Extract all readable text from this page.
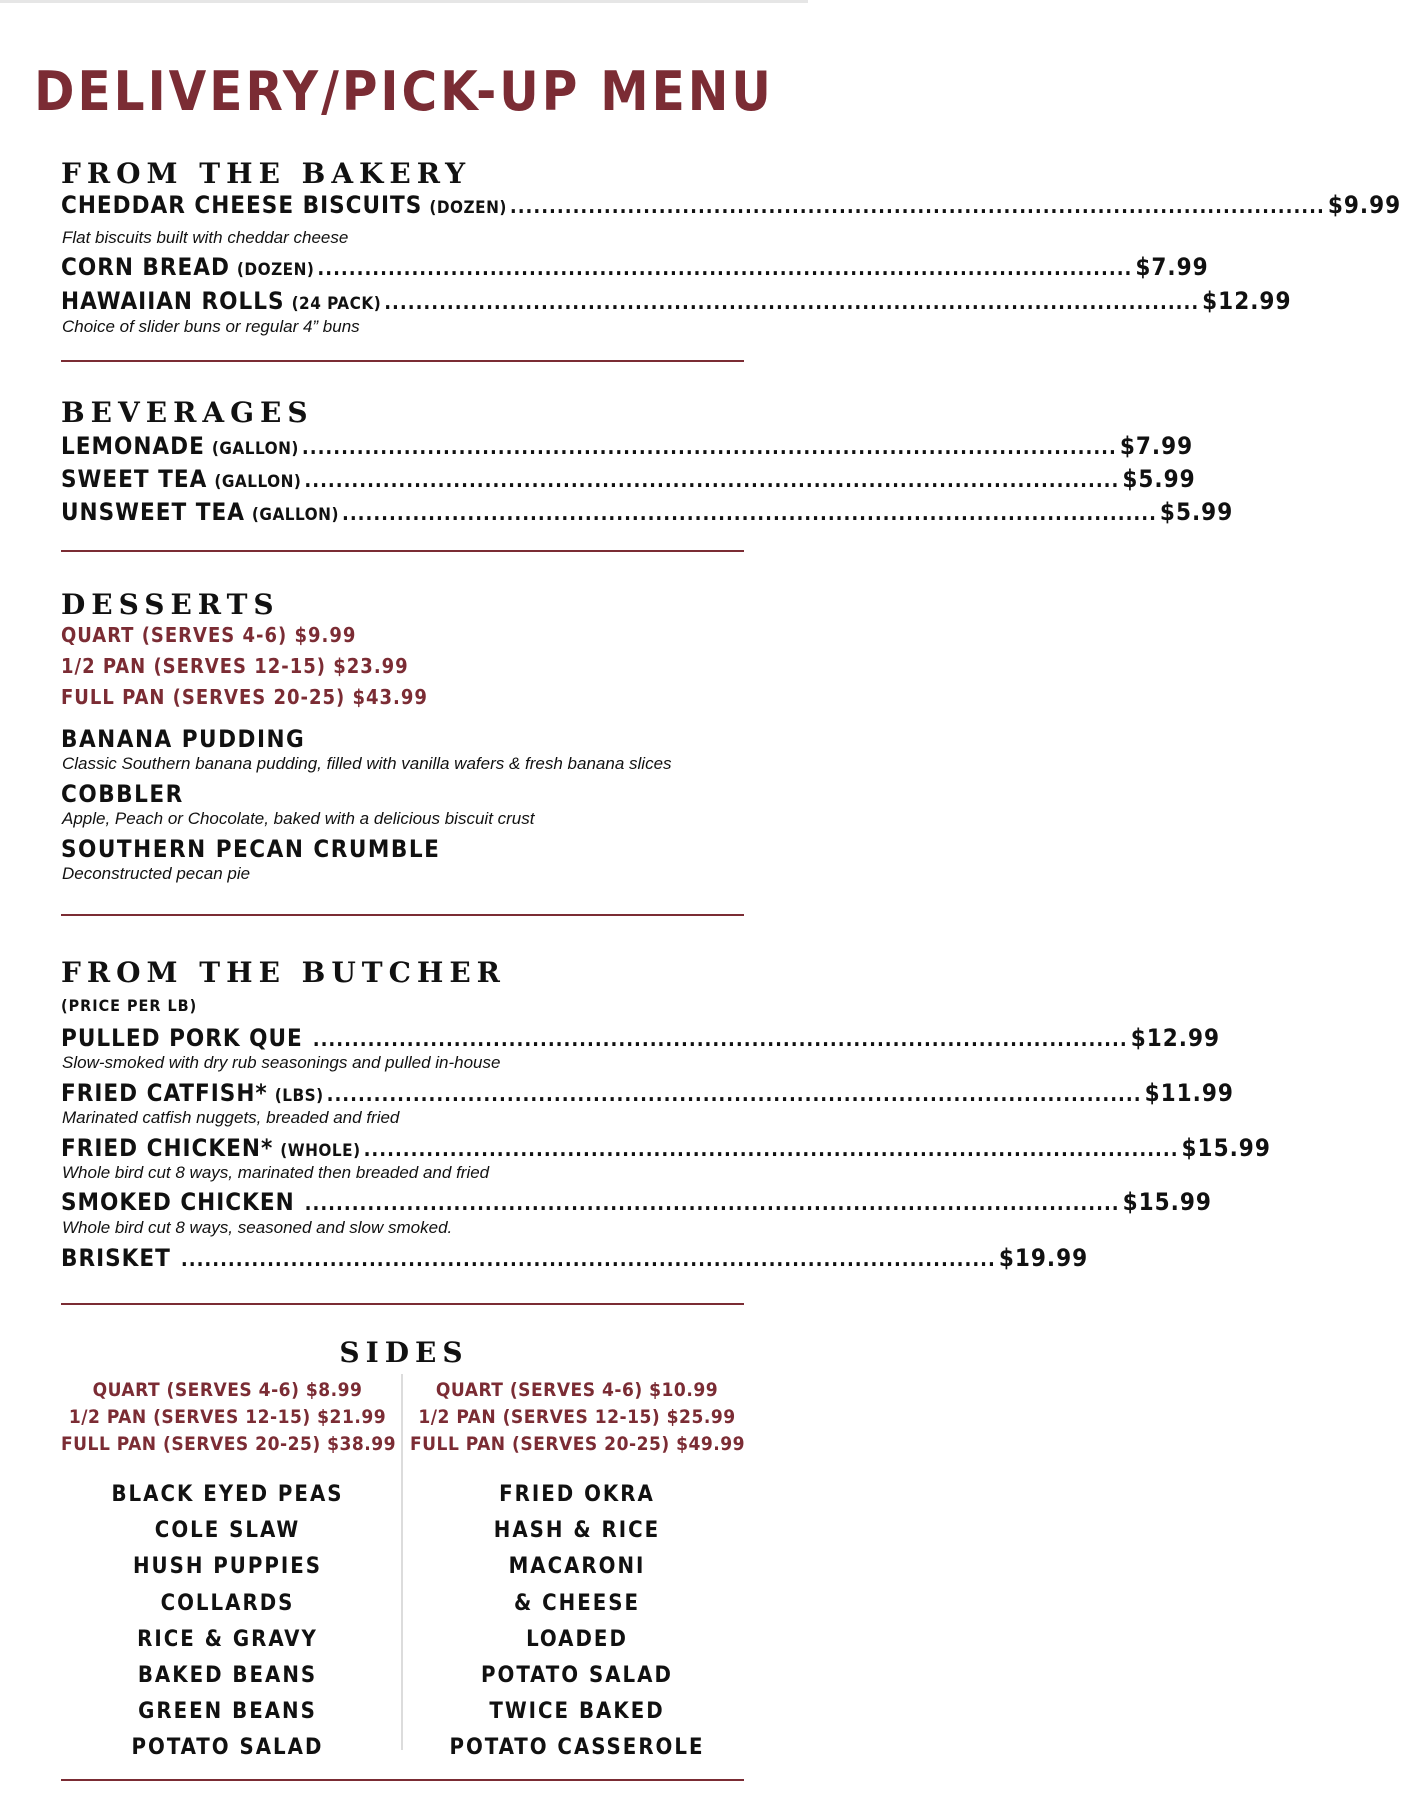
DELIVERY/PICK-UP MENU
FROM THE BAKERY
CHEDDAR CHEESE BISCUITS (DOZEN) ........................................................................................................ $9.99

Flat biscuits built with cheddar cheese

CORN BREAD (DOZEN) ........................................................................................................ $7.99
HAWAIIAN ROLLS (24 PACK) ........................................................................................................ $12.99

Choice of slider buns or regular 4” buns

BEVERAGES
LEMONADE (GALLON) ........................................................................................................ $7.99
SWEET TEA (GALLON) ........................................................................................................ $5.99
UNSWEET TEA (GALLON) ........................................................................................................ $5.99
DESSERTS

QUART (SERVES 4-6) $9.99

1/2 PAN (SERVES 12-15) $23.99

FULL PAN (SERVES 20-25) $43.99

BANANA PUDDING

Classic Southern banana pudding, filled with vanilla wafers & fresh banana slices

COBBLER

Apple, Peach or Chocolate, baked with a delicious biscuit crust

SOUTHERN PECAN CRUMBLE

Deconstructed pecan pie

FROM THE BUTCHER

(PRICE PER LB)

PULLED PORK QUE ........................................................................................................ $12.99

Slow-smoked with dry rub seasonings and pulled in-house

FRIED CATFISH* (LBS) ........................................................................................................ $11.99

Marinated catfish nuggets, breaded and fried

FRIED CHICKEN* (WHOLE) ........................................................................................................ $15.99

Whole bird cut 8 ways, marinated then breaded and fried

SMOKED CHICKEN ........................................................................................................ $15.99

Whole bird cut 8 ways, seasoned and slow smoked.

BRISKET ........................................................................................................ $19.99
SIDES
QUART (SERVES 4-6) $8.99
1/2 PAN (SERVES 12-15) $21.99
FULL PAN (SERVES 20-25) $38.99
BLACK EYED PEAS
COLE SLAW
HUSH PUPPIES
COLLARDS
RICE & GRAVY
BAKED BEANS
GREEN BEANS
POTATO SALAD
QUART (SERVES 4-6) $10.99
1/2 PAN (SERVES 12-15) $25.99
FULL PAN (SERVES 20-25) $49.99
FRIED OKRA
HASH & RICE
MACARONI
& CHEESE
LOADED
POTATO SALAD
TWICE BAKED
POTATO CASSEROLE
